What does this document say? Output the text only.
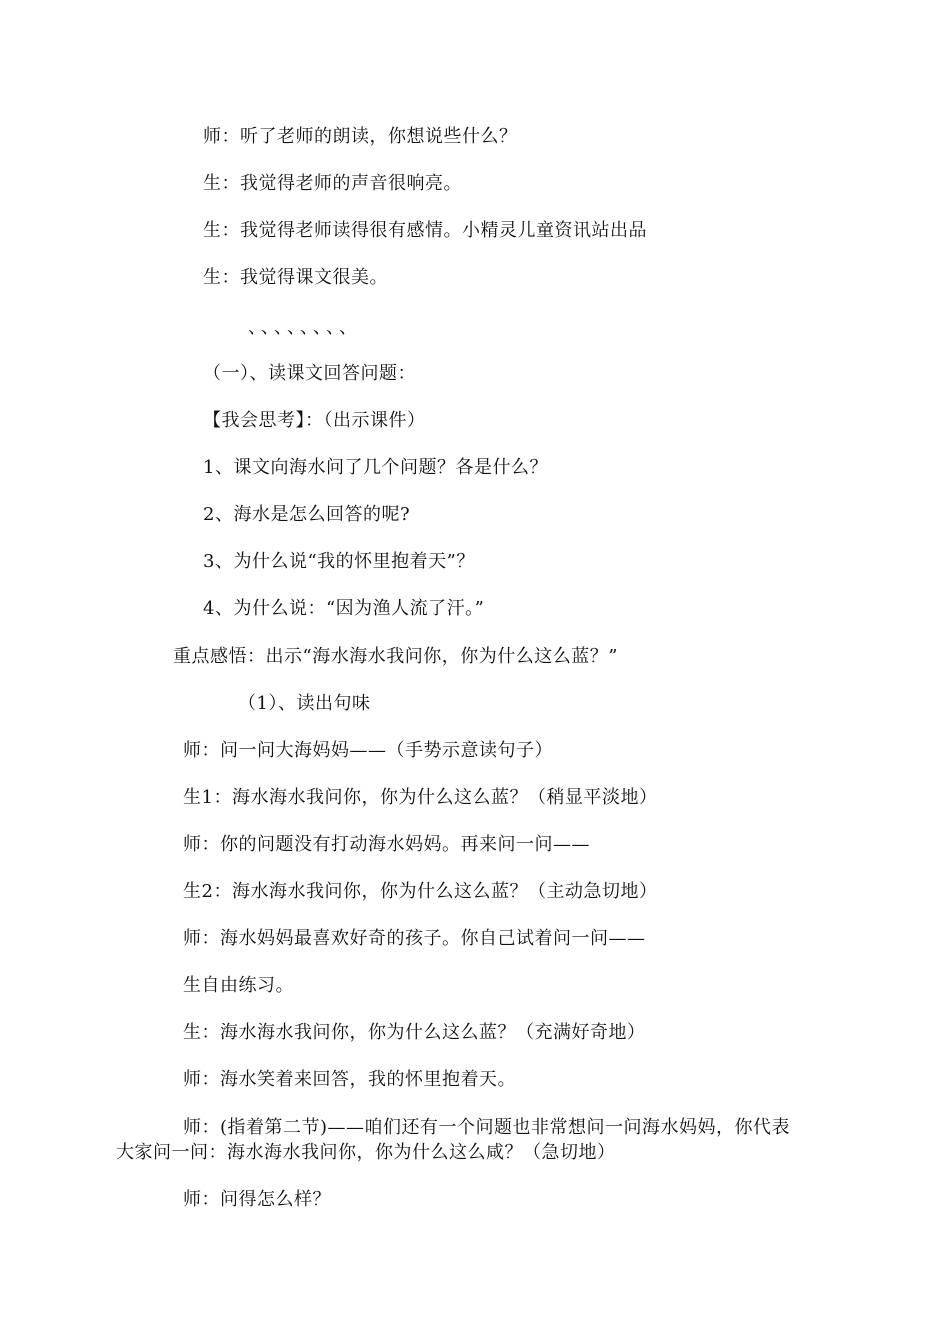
师：听了老师的朗读，你想说些什么？
生：我觉得老师的声音很响亮。
生：我觉得老师读得很有感情。小精灵儿童资讯站出品
生：我觉得课文很美。
、、、、、、、、
（一）、读课文回答问题：
【我会思考】：（出示课件）
1、课文向海水问了几个问题？各是什么？
2、海水是怎么回答的呢?
3、为什么说“我的怀里抱着天”？
4、为什么说：“因为渔人流了汗。”
重点感悟：出示“海水海水我问你，你为什么这么蓝？”
（1）、读出句味
师：问一问大海妈妈——（手势示意读句子）
生1：海水海水我问你，你为什么这么蓝？（稍显平淡地）
师：你的问题没有打动海水妈妈。再来问一问——
生2：海水海水我问你，你为什么这么蓝？（主动急切地）
师：海水妈妈最喜欢好奇的孩子。你自己试着问一问——
生自由练习。
生：海水海水我问你，你为什么这么蓝？（充满好奇地）
师：海水笑着来回答，我的怀里抱着天。
师：(指着第二节)——咱们还有一个问题也非常想问一问海水妈妈，你代表
大家问一问：海水海水我问你，你为什么这么咸？（急切地）
师：问得怎么样？
